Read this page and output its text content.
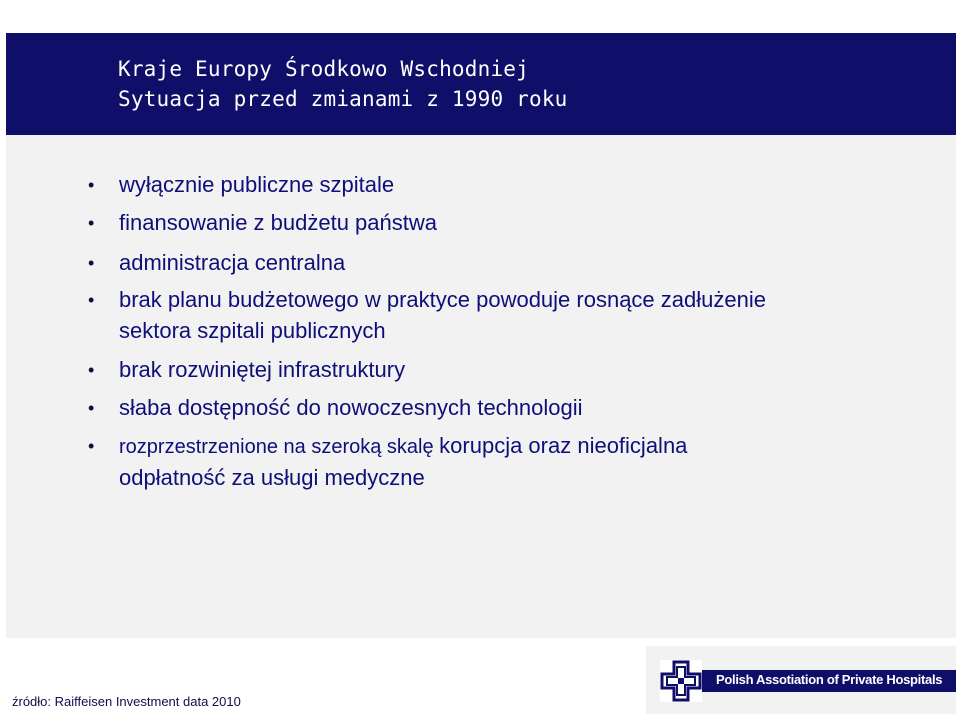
Kraje Europy Środkowo Wschodniej
Sytuacja przed zmianami z 1990 roku
• wyłącznie publiczne szpitale
• finansowanie z budżetu państwa
• administracja centralna
• brak planu budżetowego w praktyce powoduje rosnące zadłużenie
sektora szpitali publicznych
• brak rozwiniętej infrastruktury
• słaba dostępność do nowoczesnych technologii
• rozprzestrzenione na szeroką skalę korupcja oraz nieoficjalna
odpłatność za usługi medyczne
źródło: Raiffeisen Investment data 2010
Polish Assotiation of Private Hospitals
